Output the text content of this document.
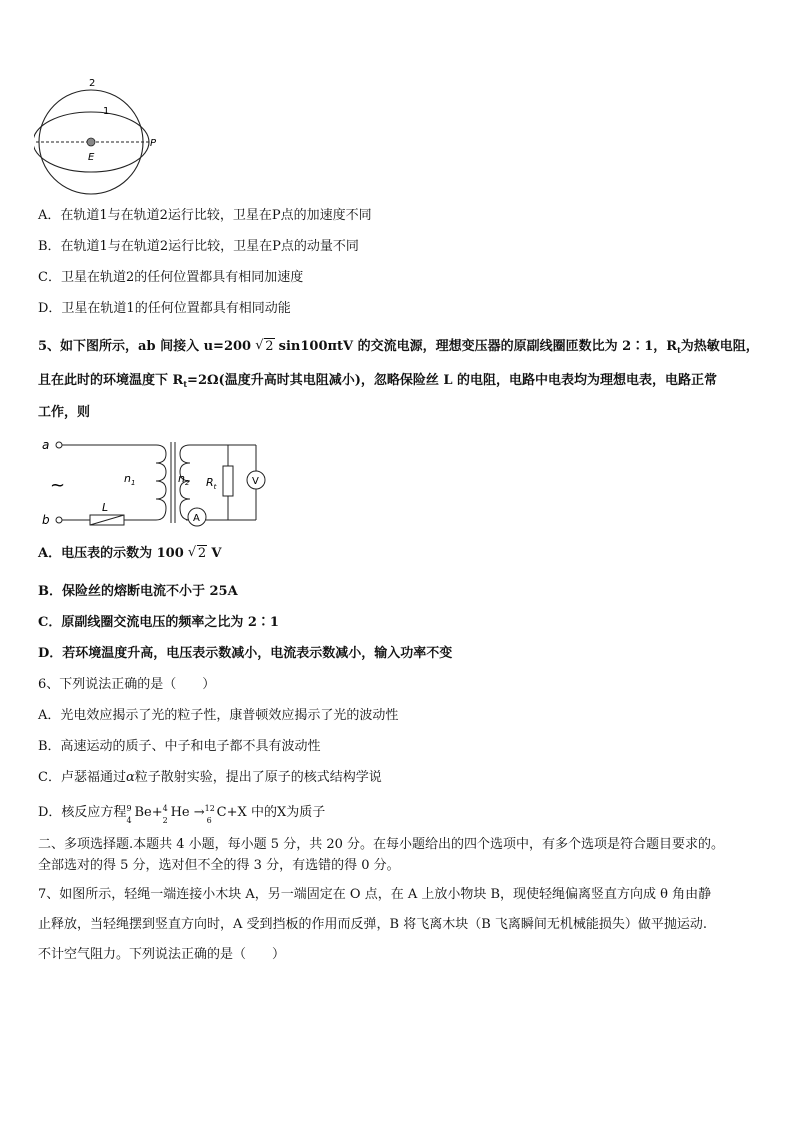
2
1
E
P
A．在轨道1与在轨道2运行比较，卫星在P点的加速度不同
B．在轨道1与在轨道2运行比较，卫星在P点的动量不同
C．卫星在轨道2的任何位置都具有相同加速度
D．卫星在轨道1的任何位置都具有相同动能
5、如下图所示，ab 间接入 u=200 √ 2 sin100πtV 的交流电源，理想变压器的原副线圈匝数比为 2∶1，$R_t$为热敏电阻，
且在此时的环境温度下 $R_t=2\Omega$(温度升高时其电阻减小)，忽略保险丝 L 的电阻，电路中电表均为理想电表，电路正常
工作，则
a
~
b
L
$n_1$	$n_2$
A
$R_t$	V
A．电压表的示数为 100 √ 2 V
B．保险丝的熔断电流不小于 25A
C．原副线圈交流电压的频率之比为 2∶1
D．若环境温度升高，电压表示数减小，电流表示数减小，输入功率不变
6、下列说法正确的是（　　）
A．光电效应揭示了光的粒子性，康普顿效应揭示了光的波动性
B．高速运动的质子、中子和电子都不具有波动性
C．卢瑟福通过α粒子散射实验，提出了原子的核式结构学说
D．核反应方程 9
4
Be+ 4
2
He → 12
6
C+X 中的X为质子
二、多项选择题.本题共 4 小题，每小题 5 分，共 20 分。在每小题给出的四个选项中，有多个选项是符合题目要求的。
全部选对的得 5 分，选对但不全的得 3 分，有选错的得 0 分。
7、如图所示，轻绳一端连接小木块 A，另一端固定在 O 点，在 A 上放小物块 B，现使轻绳偏离竖直方向成 θ 角由静
止释放，当轻绳摆到竖直方向时，A 受到挡板的作用而反弹，B 将飞离木块（B 飞离瞬间无机械能损失）做平抛运动.
不计空气阻力。下列说法正确的是（　　）
